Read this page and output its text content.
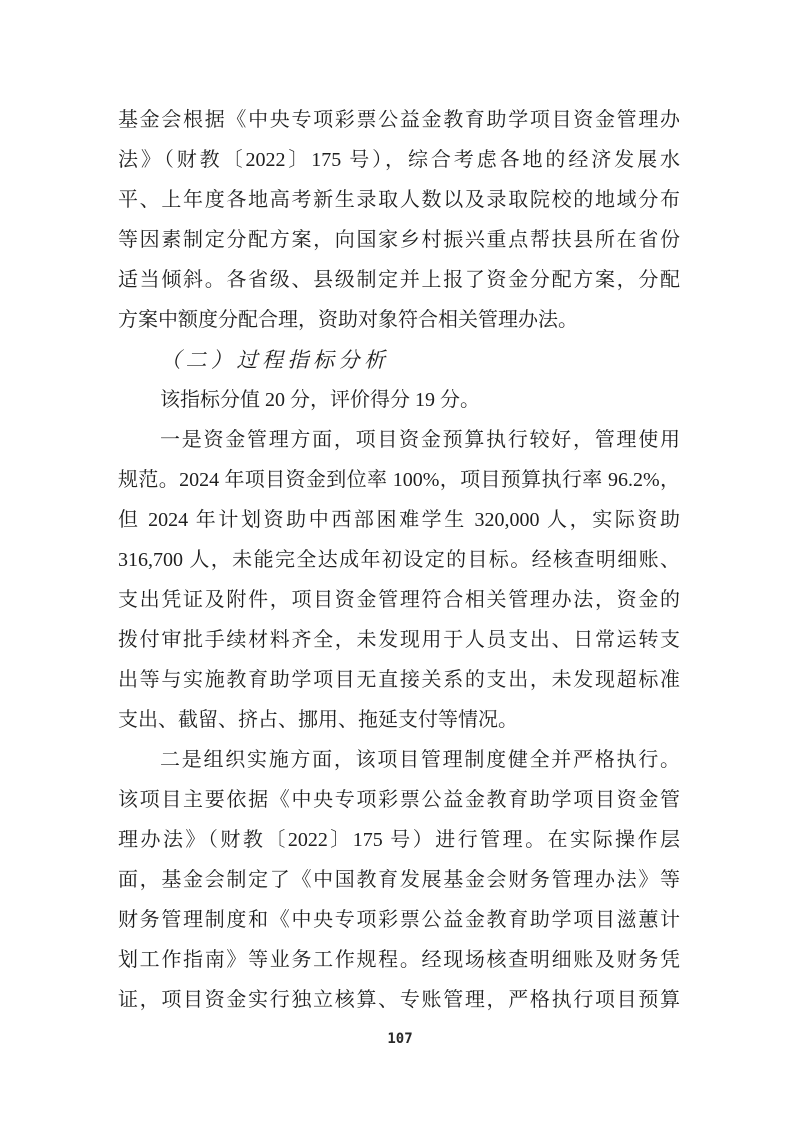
基金会根据《中央专项彩票公益金教育助学项目资金管理办
法》（财教〔2022〕175 号），综合考虑各地的经济发展水
平、上年度各地高考新生录取人数以及录取院校的地域分布
等因素制定分配方案，向国家乡村振兴重点帮扶县所在省份
适当倾斜。各省级、县级制定并上报了资金分配方案，分配
方案中额度分配合理，资助对象符合相关管理办法。
（二）过程指标分析
该指标分值 20 分，评价得分 19 分。
一是资金管理方面，项目资金预算执行较好，管理使用
规范。2024 年项目资金到位率 100%，项目预算执行率 96.2%，
但 2024 年计划资助中西部困难学生 320,000 人，实际资助
316,700 人，未能完全达成年初设定的目标。经核查明细账、
支出凭证及附件，项目资金管理符合相关管理办法，资金的
拨付审批手续材料齐全，未发现用于人员支出、日常运转支
出等与实施教育助学项目无直接关系的支出，未发现超标准
支出、截留、挤占、挪用、拖延支付等情况。
二是组织实施方面，该项目管理制度健全并严格执行。
该项目主要依据《中央专项彩票公益金教育助学项目资金管
理办法》（财教〔2022〕175 号）进行管理。在实际操作层
面，基金会制定了《中国教育发展基金会财务管理办法》等
财务管理制度和《中央专项彩票公益金教育助学项目滋蕙计
划工作指南》等业务工作规程。经现场核查明细账及财务凭
证，项目资金实行独立核算、专账管理，严格执行项目预算
107
